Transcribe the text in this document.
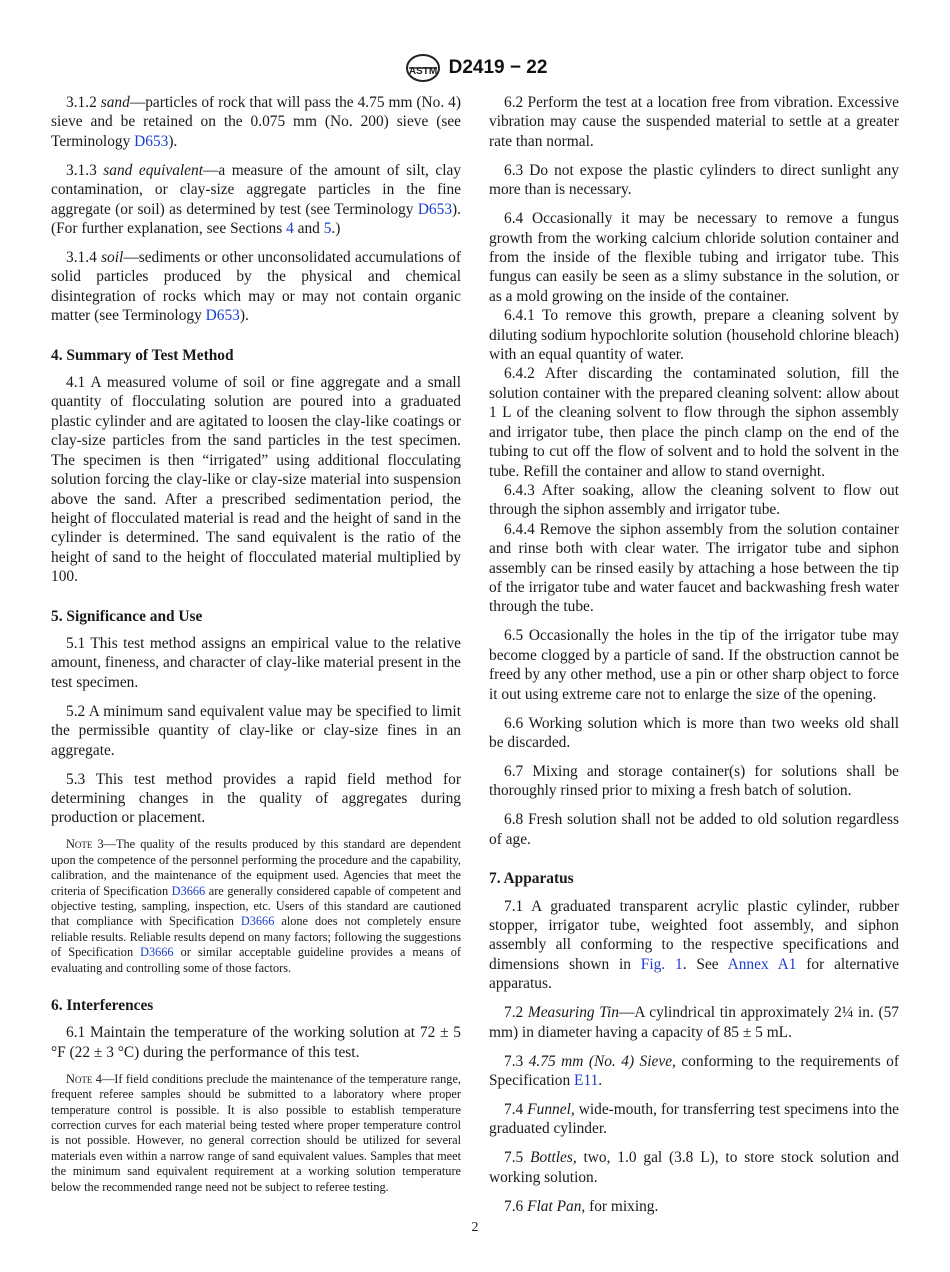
ASTM D2419 − 22

3.1.2 sand—particles of rock that will pass the 4.75 mm (No. 4) sieve and be retained on the 0.075 mm (No. 200) sieve (see Terminology D653).

3.1.3 sand equivalent—a measure of the amount of silt, clay contamination, or clay-size aggregate particles in the fine aggregate (or soil) as determined by test (see Terminology D653). (For further explanation, see Sections 4 and 5.)

3.1.4 soil—sediments or other unconsolidated accumulations of solid particles produced by the physical and chemical disintegration of rocks which may or may not contain organic matter (see Terminology D653).

4. Summary of Test Method

4.1 A measured volume of soil or fine aggregate and a small quantity of flocculating solution are poured into a graduated plastic cylinder and are agitated to loosen the clay-like coatings or clay-size particles from the sand particles in the test specimen. The specimen is then “irrigated” using additional flocculating solution forcing the clay-like or clay-size material into suspension above the sand. After a prescribed sedimentation period, the height of flocculated material is read and the height of sand in the cylinder is determined. The sand equivalent is the ratio of the height of sand to the height of flocculated material multiplied by 100.

5. Significance and Use

5.1 This test method assigns an empirical value to the relative amount, fineness, and character of clay-like material present in the test specimen.

5.2 A minimum sand equivalent value may be specified to limit the permissible quantity of clay-like or clay-size fines in an aggregate.

5.3 This test method provides a rapid field method for determining changes in the quality of aggregates during production or placement.

Note 3—The quality of the results produced by this standard are dependent upon the competence of the personnel performing the procedure and the capability, calibration, and the maintenance of the equipment used. Agencies that meet the criteria of Specification D3666 are generally considered capable of competent and objective testing, sampling, inspection, etc. Users of this standard are cautioned that compliance with Specification D3666 alone does not completely ensure reliable results. Reliable results depend on many factors; following the suggestions of Specification D3666 or similar acceptable guideline provides a means of evaluating and controlling some of those factors.

6. Interferences

6.1 Maintain the temperature of the working solution at 72 ± 5 °F (22 ± 3 °C) during the performance of this test.

Note 4—If field conditions preclude the maintenance of the temperature range, frequent referee samples should be submitted to a laboratory where proper temperature control is possible. It is also possible to establish temperature correction curves for each material being tested where proper temperature control is not possible. However, no general correction should be utilized for several materials even within a narrow range of sand equivalent values. Samples that meet the minimum sand equivalent requirement at a working solution temperature below the recommended range need not be subject to referee testing.

6.2 Perform the test at a location free from vibration. Excessive vibration may cause the suspended material to settle at a greater rate than normal.

6.3 Do not expose the plastic cylinders to direct sunlight any more than is necessary.

6.4 Occasionally it may be necessary to remove a fungus growth from the working calcium chloride solution container and from the inside of the flexible tubing and irrigator tube. This fungus can easily be seen as a slimy substance in the solution, or as a mold growing on the inside of the container.

6.4.1 To remove this growth, prepare a cleaning solvent by diluting sodium hypochlorite solution (household chlorine bleach) with an equal quantity of water.

6.4.2 After discarding the contaminated solution, fill the solution container with the prepared cleaning solvent: allow about 1 L of the cleaning solvent to flow through the siphon assembly and irrigator tube, then place the pinch clamp on the end of the tubing to cut off the flow of solvent and to hold the solvent in the tube. Refill the container and allow to stand overnight.

6.4.3 After soaking, allow the cleaning solvent to flow out through the siphon assembly and irrigator tube.

6.4.4 Remove the siphon assembly from the solution container and rinse both with clear water. The irrigator tube and siphon assembly can be rinsed easily by attaching a hose between the tip of the irrigator tube and water faucet and backwashing fresh water through the tube.

6.5 Occasionally the holes in the tip of the irrigator tube may become clogged by a particle of sand. If the obstruction cannot be freed by any other method, use a pin or other sharp object to force it out using extreme care not to enlarge the size of the opening.

6.6 Working solution which is more than two weeks old shall be discarded.

6.7 Mixing and storage container(s) for solutions shall be thoroughly rinsed prior to mixing a fresh batch of solution.

6.8 Fresh solution shall not be added to old solution regardless of age.

7. Apparatus

7.1 A graduated transparent acrylic plastic cylinder, rubber stopper, irrigator tube, weighted foot assembly, and siphon assembly all conforming to the respective specifications and dimensions shown in Fig. 1. See Annex A1 for alternative apparatus.

7.2 Measuring Tin—A cylindrical tin approximately 2¼ in. (57 mm) in diameter having a capacity of 85 ± 5 mL.

7.3 4.75 mm (No. 4) Sieve, conforming to the requirements of Specification E11.

7.4 Funnel, wide-mouth, for transferring test specimens into the graduated cylinder.

7.5 Bottles, two, 1.0 gal (3.8 L), to store stock solution and working solution.

7.6 Flat Pan, for mixing.

2
